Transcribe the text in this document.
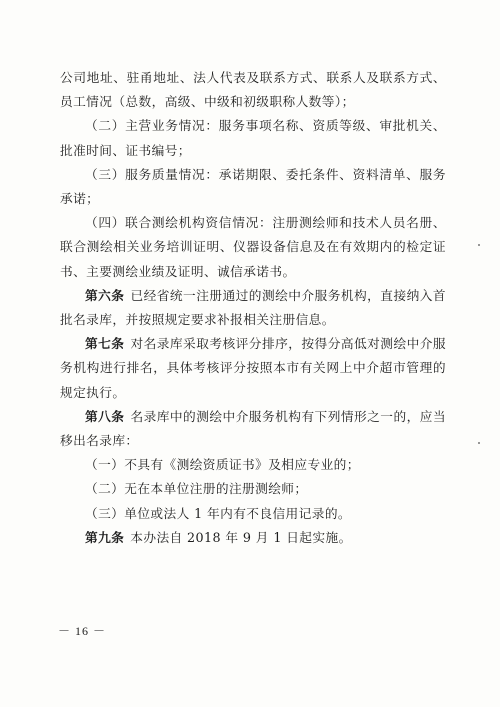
公司地址、驻甬地址、法人代表及联系方式、联系人及联系方式、员工情况（总数，高级、中级和初级职称人数等）；

（二）主营业务情况：服务事项名称、资质等级、审批机关、批准时间、证书编号；

（三）服务质量情况：承诺期限、委托条件、资料清单、服务承诺；

（四）联合测绘机构资信情况：注册测绘师和技术人员名册、联合测绘相关业务培训证明、仪器设备信息及在有效期内的检定证书、主要测绘业绩及证明、诚信承诺书。

第六条 已经省统一注册通过的测绘中介服务机构，直接纳入首批名录库，并按照规定要求补报相关注册信息。

第七条 对名录库采取考核评分排序，按得分高低对测绘中介服务机构进行排名，具体考核评分按照本市有关网上中介超市管理的规定执行。

第八条 名录库中的测绘中介服务机构有下列情形之一的，应当移出名录库：

（一）不具有《测绘资质证书》及相应专业的；

（二）无在本单位注册的注册测绘师；

（三）单位或法人 1 年内有不良信用记录的。

第九条 本办法自 2018 年 9 月 1 日起实施。

－ 16 －
